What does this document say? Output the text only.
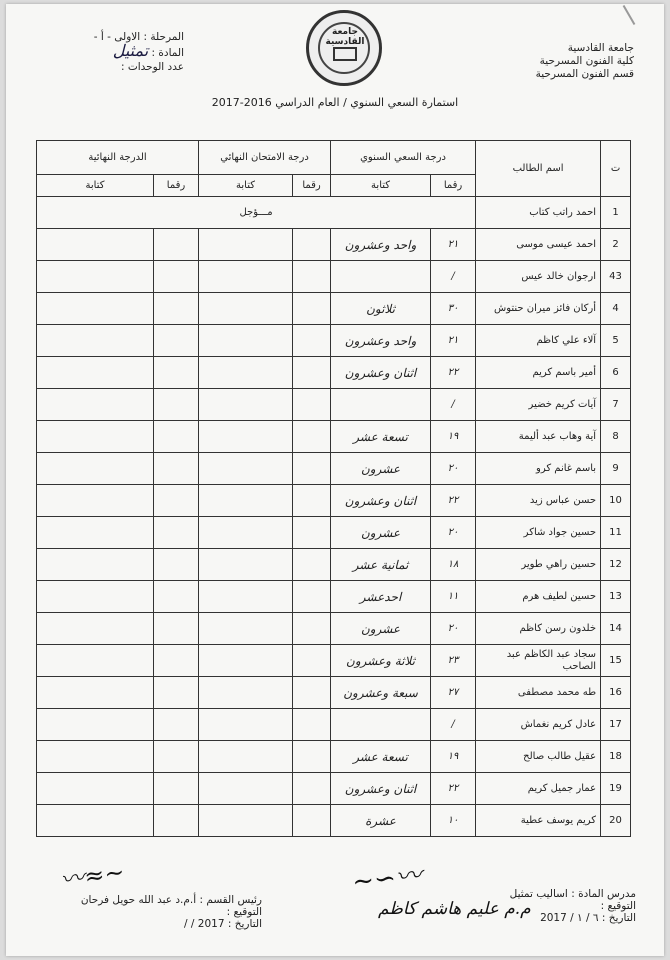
جامعة القادسية
كلية الفنون المسرحية
قسم الفنون المسرحية
جامعة القادسية
المرحلة : الاولى - أ -
المادة : تمثيل
عدد الوحدات :
استمارة السعي السنوي / العام الدراسي 2016-2017
ت	اسم الطالب	درجة السعي السنوي		درجة الامتحان النهائي		الدرجة النهائية	
		رقما	كتابة	رقما	كتابة	رقما	كتابة
1	احمد راتب كتاب	مـــؤجل					
2	احمد عيسى موسى	٢١	واحد وعشرون				
43	ارجوان خالد عيس	/					
4	أركان فائز ميران حنتوش	٣٠	ثلاثون				
5	آلاء علي كاظم	٢١	واحد وعشرون				
6	أمير باسم كريم	٢٢	اثنان وعشرون				
7	آيات كريم خضير	/					
8	آية وهاب عبد أليمة	١٩	تسعة عشر				
9	باسم غانم كرو	٢٠	عشرون				
10	حسن عباس زيد	٢٢	اثنان وعشرون				
11	حسين جواد شاكر	٢٠	عشرون				
12	حسين راهي طوير	١٨	ثمانية عشر				
13	حسين لطيف هرم	١١	احدعشر				
14	خلدون رسن كاظم	٢٠	عشرون				
15	سجاد عبد الكاظم عبد الصاحب	٢٣	ثلاثة وعشرون				
16	طه محمد مصطفى	٢٧	سبعة وعشرون				
17	عادل كريم نغماش	/					
18	عقيل طالب صالح	١٩	تسعة عشر				
19	عمار جميل كريم	٢٢	اثنان وعشرون				
20	كريم يوسف عطية	١٠	عشرة				
رئيس القسم : أ.م.د عبد الله حويل فرحان
التوقيع :
التاريخ : / / 2017
〰≈~	مدرس المادة : اساليب تمثيل
التوقيع :
التاريخ : ٦ / ١ / 2017
م.م عليم هاشم كاظم
~∽〰
